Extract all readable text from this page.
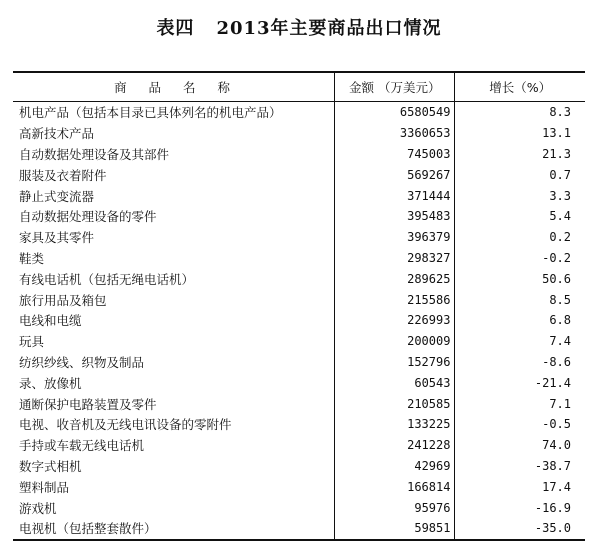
表四 2013年主要商品出口情况
商 品 名 称	金额 （万美元）	增长（%）
机电产品（包括本目录已具体列名的机电产品）	6580549	8.3
高新技术产品	3360653	13.1
自动数据处理设备及其部件	745003	21.3
服装及衣着附件	569267	0.7
静止式变流器	371444	3.3
自动数据处理设备的零件	395483	5.4
家具及其零件	396379	0.2
鞋类	298327	-0.2
有线电话机（包括无绳电话机）	289625	50.6
旅行用品及箱包	215586	8.5
电线和电缆	226993	6.8
玩具	200009	7.4
纺织纱线、织物及制品	152796	-8.6
录、放像机	60543	-21.4
通断保护电路装置及零件	210585	7.1
电视、收音机及无线电讯设备的零附件	133225	-0.5
手持或车载无线电话机	241228	74.0
数字式相机	42969	-38.7
塑料制品	166814	17.4
游戏机	95976	-16.9
电视机（包括整套散件）	59851	-35.0
